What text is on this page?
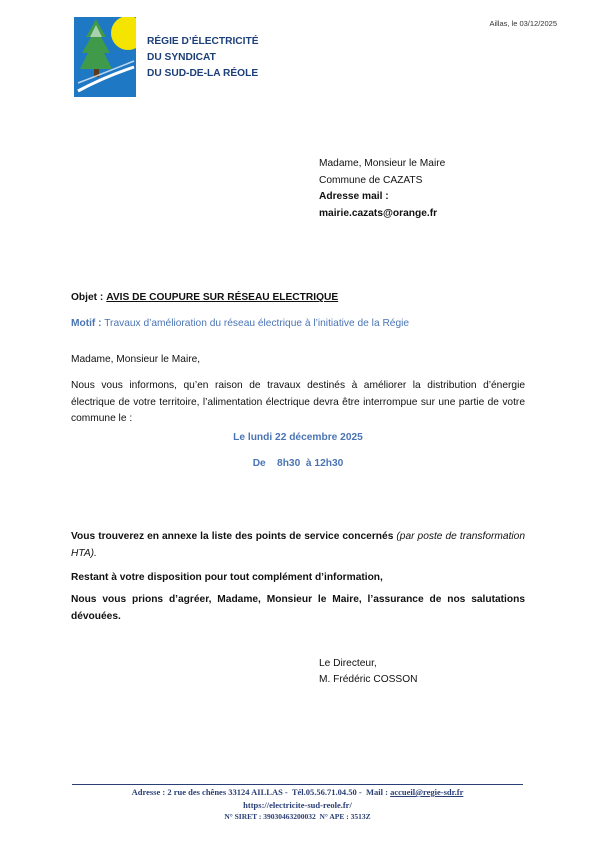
Aillas, le 03/12/2025
RÉGIE D’ÉLECTRICITÉ
DU SYNDICAT
DU SUD-DE-LA RÉOLE
Madame, Monsieur le Maire
Commune de CAZATS
Adresse mail :
mairie.cazats@orange.fr
Objet : AVIS DE COUPURE SUR RÉSEAU ELECTRIQUE
Motif : Travaux d’amélioration du réseau électrique à l’initiative de la Régie
Madame, Monsieur le Maire,
Nous vous informons, qu’en raison de travaux destinés à améliorer la distribution d’énergie électrique de votre territoire, l’alimentation électrique devra être interrompue sur une partie de votre commune le :
Le lundi 22 décembre 2025
De    8h30  à 12h30
Vous trouverez en annexe la liste des points de service concernés (par poste de transformation HTA).
Restant à votre disposition pour tout complément d’information,
Nous vous prions d’agréer, Madame, Monsieur le Maire, l’assurance de nos salutations dévouées.
Le Directeur,
M. Frédéric COSSON
Adresse : 2 rue des chênes 33124 AILLAS -  Tél.05.56.71.04.50 -  Mail : accueil@regie-sdr.fr
https://electricite-sud-reole.fr/
N° SIRET : 39030463200032  N° APE : 3513Z
